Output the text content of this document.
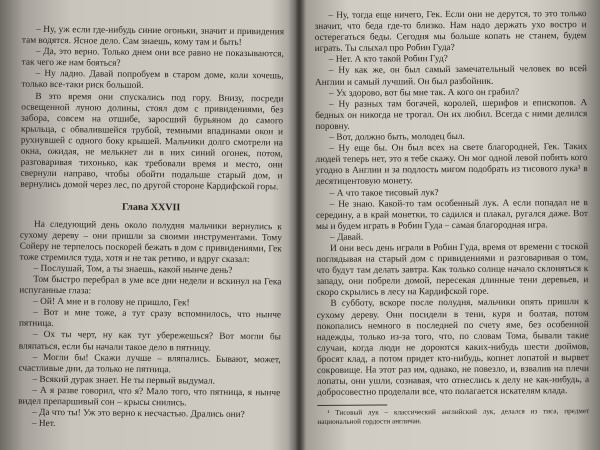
– Ну, уж если где-нибудь синие огоньки, значит и привидения там водятся. Ясное дело. Сам знаешь, кому там и быть!

– Да, это верно. Только днем они все равно не показываются, так чего же нам бояться?

– Ну ладно. Давай попробуем в старом доме, коли хочешь, только все-таки риск большой.

В это время они спускались под гору. Внизу, посреди освещенной луною долины, стоял дом с привидениями, без забора, совсем на отшибе, заросший бурьяном до самого крыльца, с обвалившейся трубой, темными впадинами окон и рухнувшей с одного боку крышей. Мальчики долго смотрели на окна, ожидая, не мелькнет ли в них синий огонек, потом, разговаривая тихонько, как требовали время и место, они свернули направо, чтобы обойти подальше старый дом, и вернулись домой через лес, по другой стороне Кардифской горы.

Глава XXVII

На следующий день около полудня мальчики вернулись к сухому дереву – они пришли за своими инструментами. Тому Сойеру не терпелось поскорей бежать в дом с привидениями, Гек тоже стремился туда, хотя и не так ретиво, и вдруг сказал:

– Послушай, Том, а ты знаешь, какой нынче день?

Том быстро перебрал в уме все дни недели и вскинул на Гека испуганные глаза:

– Ой! А мне и в голову не пришло, Гек!

– Вот и мне тоже, а тут сразу вспомнилось, что нынче пятница.

– Ох ты черт, ну как тут убережешься? Вот могли бы вляпаться, если бы начали такое дело в пятницу.

– Могли бы! Скажи лучше – вляпались. Бывают, может, счастливые дни, да только не пятница.

– Всякий дурак знает. Не ты первый выдумал.

– А я разве говорил, что я? Мало того, что пятница, я нынче видел препаршивый сон – крысы снились.

– Да что ты! Уж это верно к несчастью. Дрались они?

– Нет.

– Ну, тогда еще ничего, Гек. Если они не дерутся, то это только значит, что беда где-то близко. Нам надо держать ухо востро и остерегаться беды. Сегодня мы больше копать не станем, будем играть. Ты слыхал про Робин Гуда?

– Нет. А кто такой Робин Гуд?

– Ну как же, он был самый замечательный человек во всей Англии и самый лучший. Он был разбойник.

– Ух здорово, вот бы мне так. А кого он грабил?

– Ну разных там богачей, королей, шерифов и епископов. А бедных он никогда не трогал. Он их любил. Всегда с ними делился поровну.

– Вот, должно быть, молодец был.

– Ну еще бы. Он был всех на свете благородней, Гек. Таких людей теперь нет, это я тебе скажу. Он мог одной левой побить кого угодно в Англии и за подлость мигом подобрать из тисового лука¹ в десятицентовую монету.

– А что такое тисовый лук?

– Не знаю. Какой-то там особенный лук. А если попадал не в середину, а в край монетки, то садился и плакал, ругался даже. Вот мы и будем играть в Робин Гуда – самая благородная игра.

– Давай.

И они весь день играли в Робин Гуда, время от времени с тоской поглядывая на старый дом с привидениями и разговаривая о том, что будут там делать завтра. Как только солнце начало склоняться к западу, они побрели домой, пересекая длинные тени деревьев, и скоро скрылись в лесу на Кардифской горе.

В субботу, вскоре после полудня, мальчики опять пришли к сухому дереву. Они посидели в тени, куря и болтая, потом покопались немного в последней по счету яме, без особенной надежды, только из-за того, что, по словам Тома, бывали такие случаи, когда люди не дороются каких-нибудь шести дюймов, бросят клад, а потом придет кто-нибудь, копнет лопатой и вырвет сокровище. На этот раз им, однако, не повезло, и, взвалив на плечи лопаты, они ушли, сознавая, что отнеслись к делу не как-нибудь, а добросовестно проделали все, что полагается искателям клада.

¹ Тисовый лук – классический английский лук, делался из тиса, предмет национальной гордости англичан.
